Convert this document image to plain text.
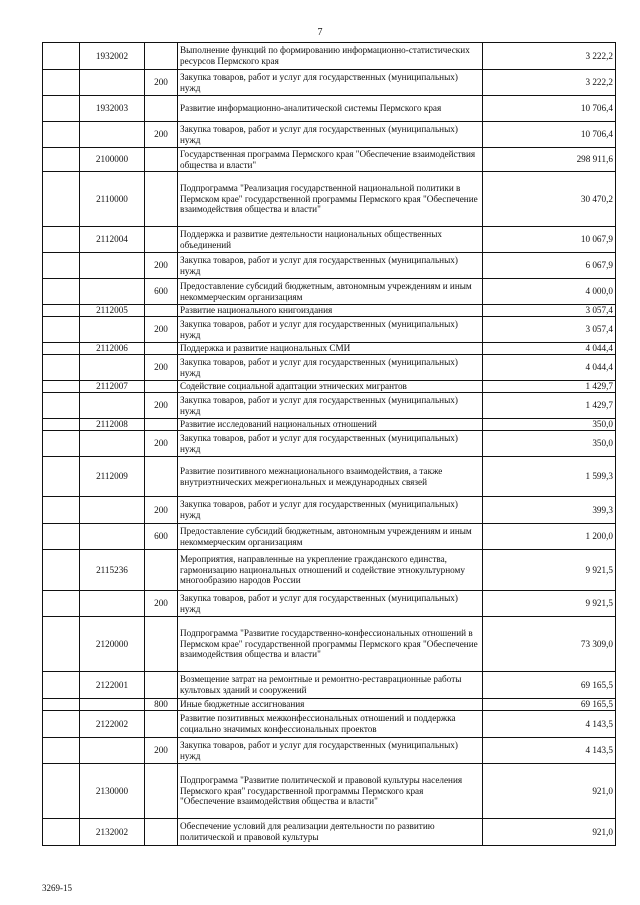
7
	1932002		Выполнение функций по формированию информационно-статистических ресурсов Пермского края	3 222,2
		200	Закупка товаров, работ и услуг для государственных (муниципальных) нужд	3 222,2
	1932003		Развитие информационно-аналитической системы Пермского края	10 706,4
		200	Закупка товаров, работ и услуг для государственных (муниципальных) нужд	10 706,4
	2100000		Государственная программа Пермского края "Обеспечение взаимодействия общества и власти"	298 911,6
	2110000		Подпрограмма "Реализация государственной национальной политики в Пермском крае" государственной программы Пермского края "Обеспечение взаимодействия общества и власти"	30 470,2
	2112004		Поддержка и развитие деятельности национальных общественных объединений	10 067,9
		200	Закупка товаров, работ и услуг для государственных (муниципальных) нужд	6 067,9
		600	Предоставление субсидий бюджетным, автономным учреждениям и иным некоммерческим организациям	4 000,0
	2112005		Развитие национального книгоиздания	3 057,4
		200	Закупка товаров, работ и услуг для государственных (муниципальных) нужд	3 057,4
	2112006		Поддержка и развитие национальных СМИ	4 044,4
		200	Закупка товаров, работ и услуг для государственных (муниципальных) нужд	4 044,4
	2112007		Содействие социальной адаптации этнических мигрантов	1 429,7
		200	Закупка товаров, работ и услуг для государственных (муниципальных) нужд	1 429,7
	2112008		Развитие исследований национальных отношений	350,0
		200	Закупка товаров, работ и услуг для государственных (муниципальных) нужд	350,0
	2112009		Развитие позитивного межнационального взаимодействия, а также внутриэтнических межрегиональных и международных связей	1 599,3
		200	Закупка товаров, работ и услуг для государственных (муниципальных) нужд	399,3
		600	Предоставление субсидий бюджетным, автономным учреждениям и иным некоммерческим организациям	1 200,0
	2115236		Мероприятия, направленные на укрепление гражданского единства, гармонизацию национальных отношений и содействие этнокультурному многообразию народов России	9 921,5
		200	Закупка товаров, работ и услуг для государственных (муниципальных) нужд	9 921,5
	2120000		Подпрограмма "Развитие государственно-конфессиональных отношений в Пермском крае" государственной программы Пермского края "Обеспечение взаимодействия общества и власти"	73 309,0
	2122001		Возмещение затрат на ремонтные и ремонтно-реставрационные работы культовых зданий и сооружений	69 165,5
		800	Иные бюджетные ассигнования	69 165,5
	2122002		Развитие позитивных межконфессиональных отношений и поддержка социально значимых конфессиональных проектов	4 143,5
		200	Закупка товаров, работ и услуг для государственных (муниципальных) нужд	4 143,5
	2130000		Подпрограмма "Развитие политической и правовой культуры населения Пермского края" государственной программы Пермского края "Обеспечение взаимодействия общества и власти"	921,0
	2132002		Обеспечение условий для реализации деятельности по развитию политической и правовой культуры	921,0
3269-15
